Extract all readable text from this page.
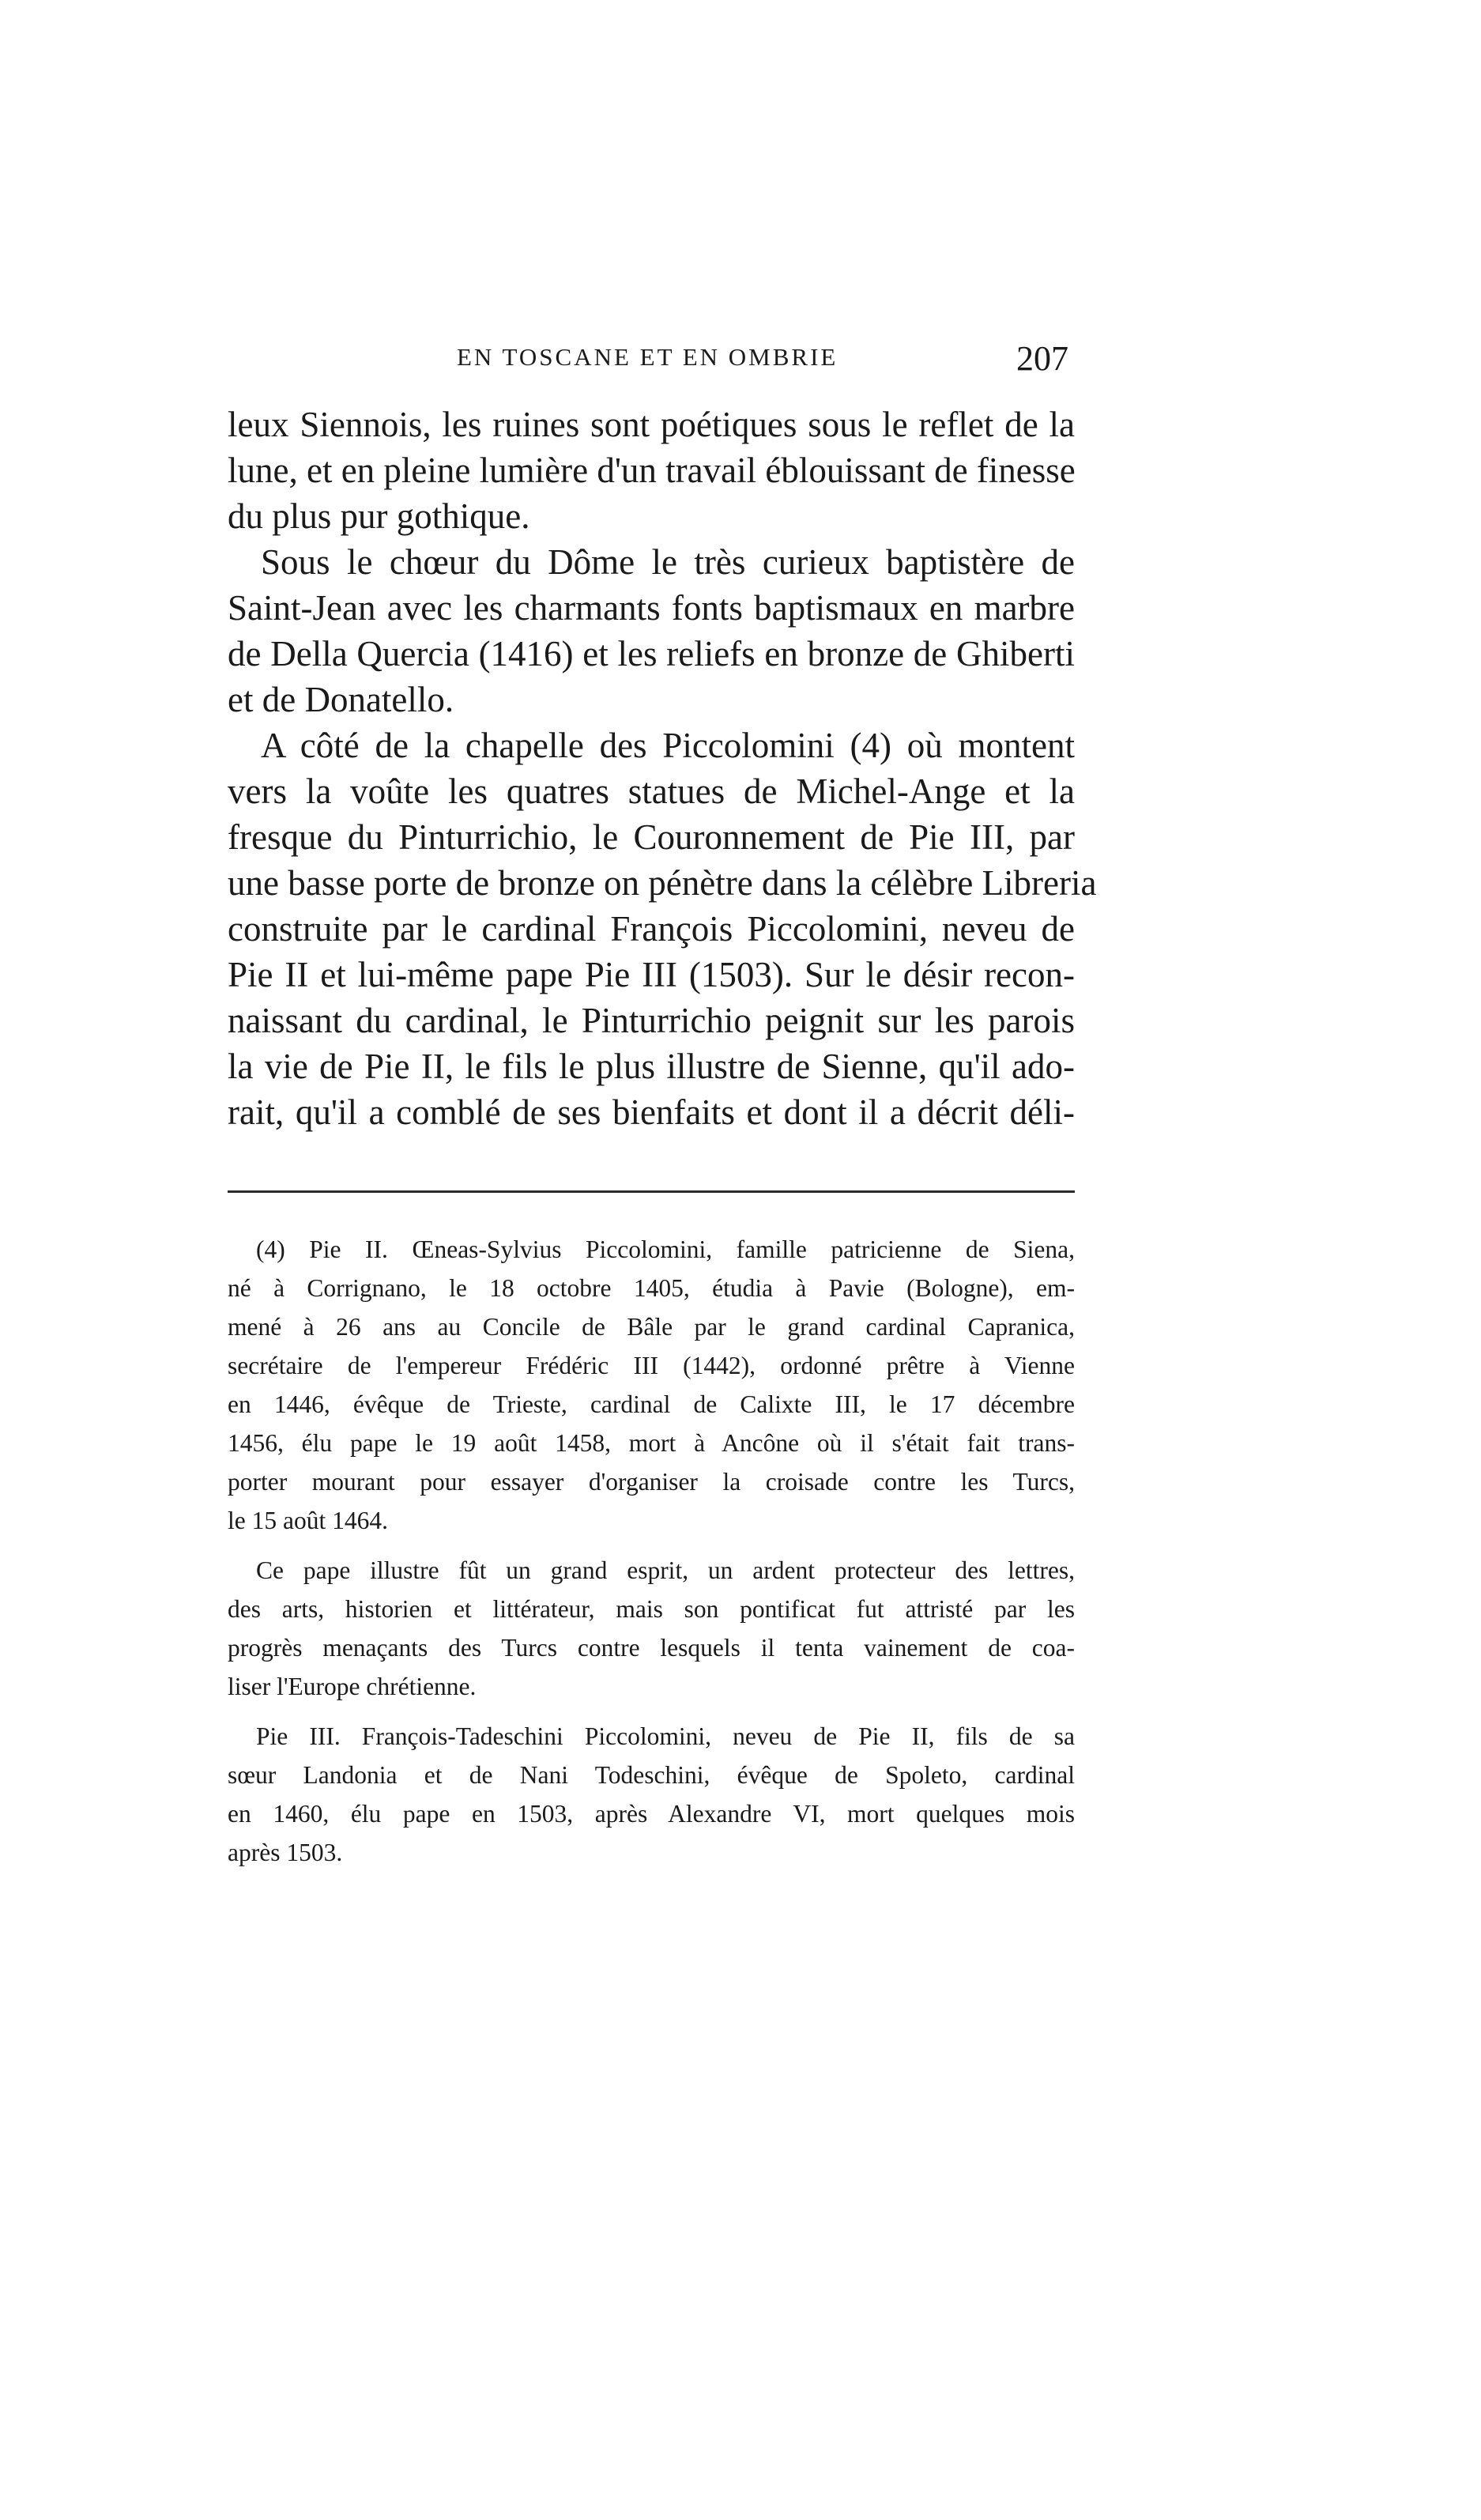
EN TOSCANE ET EN OMBRIE	207
leux Siennois, les ruines sont poétiques sous le reflet de la
lune, et en pleine lumière d'un travail éblouissant de finesse
du plus pur gothique.
Sous le chœur du Dôme le très curieux baptistère de
Saint-Jean avec les charmants fonts baptismaux en marbre
de Della Quercia (1416) et les reliefs en bronze de Ghiberti
et de Donatello.
A côté de la chapelle des Piccolomini (4) où montent
vers la voûte les quatres statues de Michel-Ange et la
fresque du Pinturrichio, le Couronnement de Pie III, par
une basse porte de bronze on pénètre dans la célèbre Libreria
construite par le cardinal François Piccolomini, neveu de
Pie II et lui-même pape Pie III (1503). Sur le désir recon-
naissant du cardinal, le Pinturrichio peignit sur les parois
la vie de Pie II, le fils le plus illustre de Sienne, qu'il ado-
rait, qu'il a comblé de ses bienfaits et dont il a décrit déli-
(4) Pie II. Œneas-Sylvius Piccolomini, famille patricienne de Siena,
né à Corrignano, le 18 octobre 1405, étudia à Pavie (Bologne), em-
mené à 26 ans au Concile de Bâle par le grand cardinal Capranica,
secrétaire de l'empereur Frédéric III (1442), ordonné prêtre à Vienne
en 1446, évêque de Trieste, cardinal de Calixte III, le 17 décembre
1456, élu pape le 19 août 1458, mort à Ancône où il s'était fait trans-
porter mourant pour essayer d'organiser la croisade contre les Turcs,
le 15 août 1464.
Ce pape illustre fût un grand esprit, un ardent protecteur des lettres,
des arts, historien et littérateur, mais son pontificat fut attristé par les
progrès menaçants des Turcs contre lesquels il tenta vainement de coa-
liser l'Europe chrétienne.
Pie III. François-Tadeschini Piccolomini, neveu de Pie II, fils de sa
sœur Landonia et de Nani Todeschini, évêque de Spoleto, cardinal
en 1460, élu pape en 1503, après Alexandre VI, mort quelques mois
après 1503.
